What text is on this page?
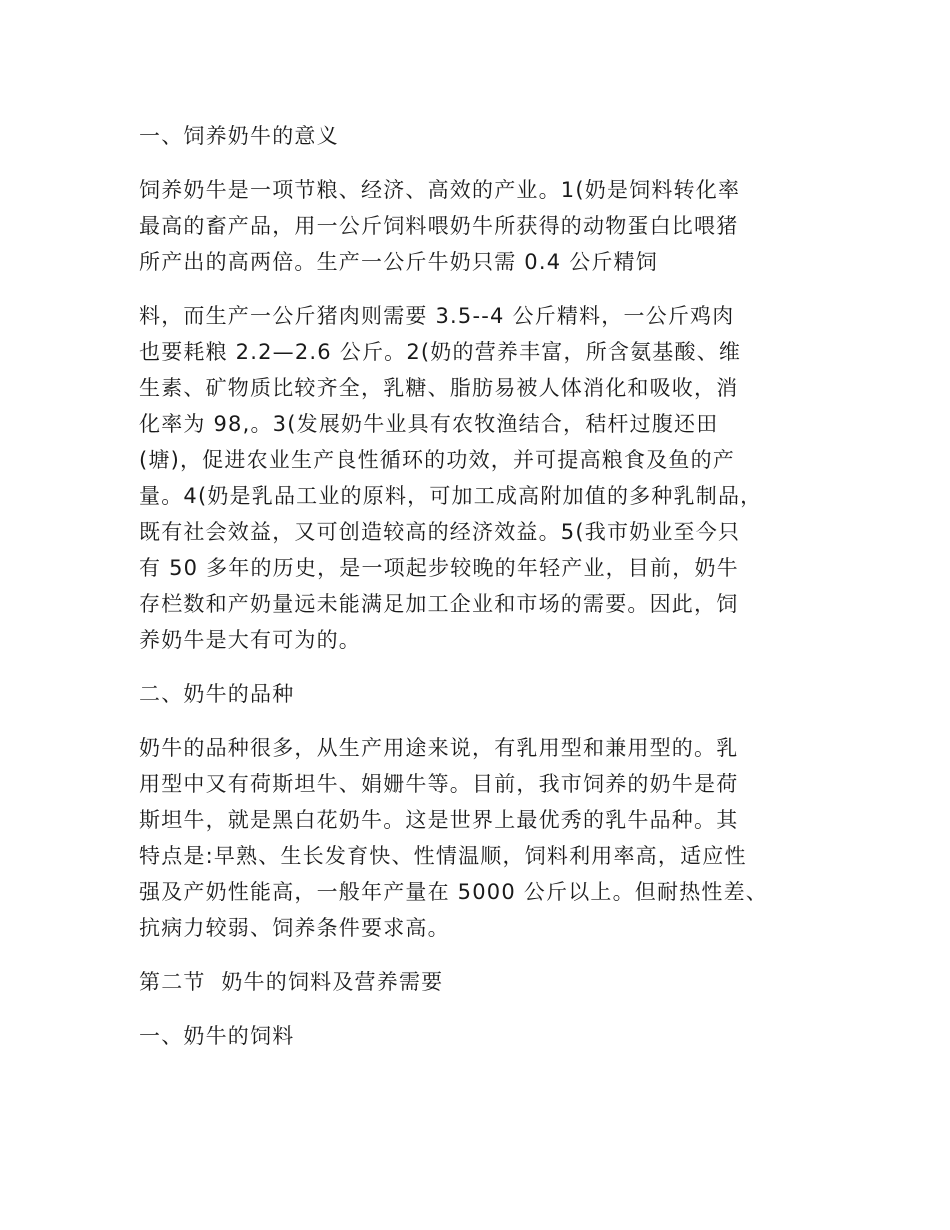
一、饲养奶牛的意义

饲养奶牛是一项节粮、经济、高效的产业。1(奶是饲料转化率

最高的畜产品，用一公斤饲料喂奶牛所获得的动物蛋白比喂猪

所产出的高两倍。生产一公斤牛奶只需 0.4 公斤精饲

料，而生产一公斤猪肉则需要 3.5--4 公斤精料，一公斤鸡肉

也要耗粮 2.2—2.6 公斤。2(奶的营养丰富，所含氨基酸、维

生素、矿物质比较齐全，乳糖、脂肪易被人体消化和吸收，消

化率为 98,。3(发展奶牛业具有农牧渔结合，秸杆过腹还田

(塘)，促进农业生产良性循环的功效，并可提高粮食及鱼的产

量。4(奶是乳品工业的原料，可加工成高附加值的多种乳制品，

既有社会效益，又可创造较高的经济效益。5(我市奶业至今只

有 50 多年的历史，是一项起步较晚的年轻产业，目前，奶牛

存栏数和产奶量远未能满足加工企业和市场的需要。因此，饲

养奶牛是大有可为的。

二、奶牛的品种

奶牛的品种很多，从生产用途来说，有乳用型和兼用型的。乳

用型中又有荷斯坦牛、娟姗牛等。目前，我市饲养的奶牛是荷

斯坦牛，就是黑白花奶牛。这是世界上最优秀的乳牛品种。其

特点是:早熟、生长发育快、性情温顺，饲料利用率高，适应性

强及产奶性能高，一般年产量在 5000 公斤以上。但耐热性差、

抗病力较弱、饲养条件要求高。

第二节  奶牛的饲料及营养需要

一、奶牛的饲料
